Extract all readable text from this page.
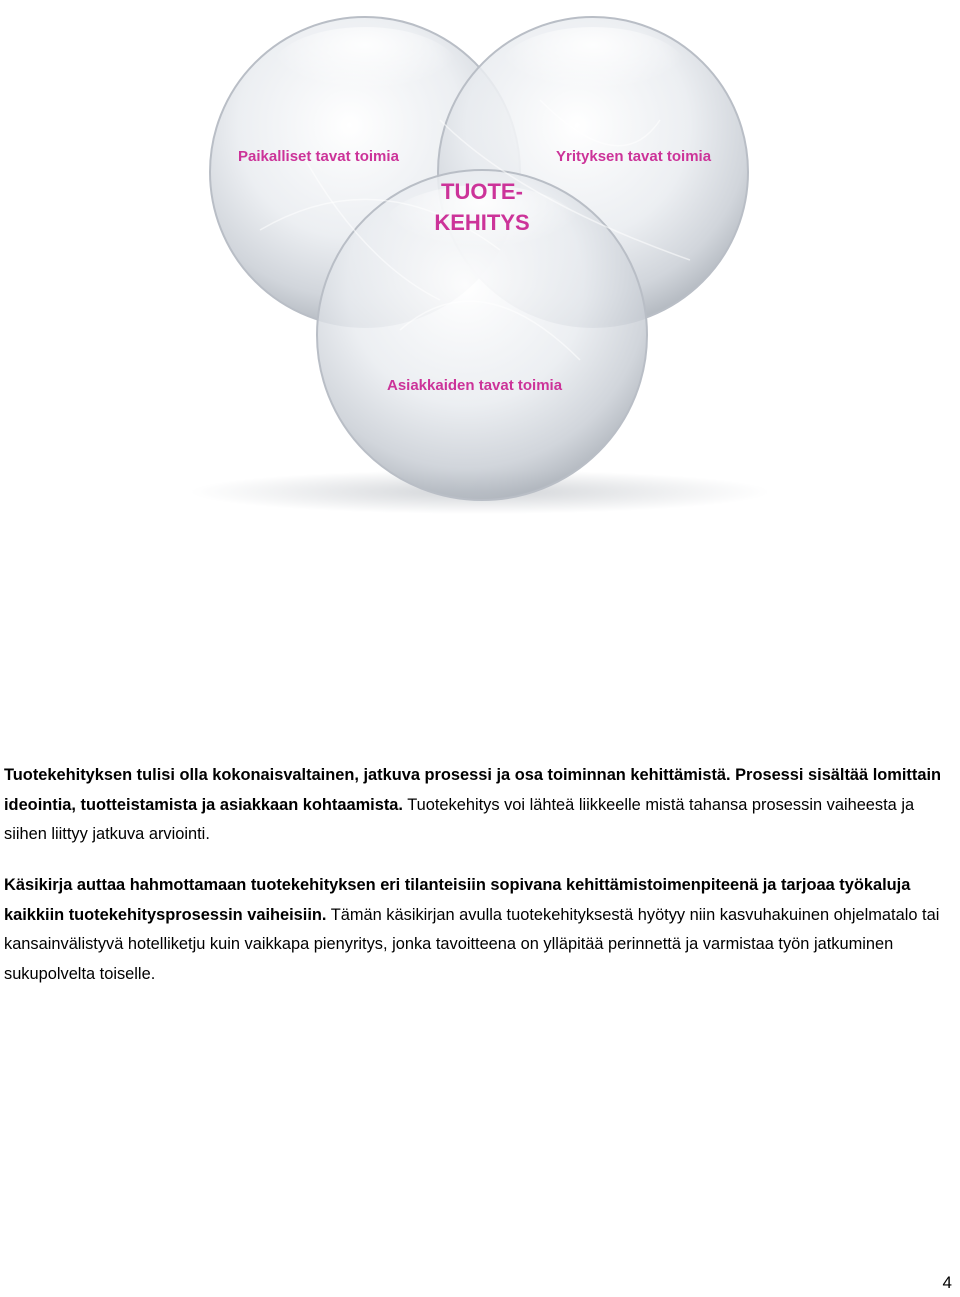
Paikalliset tavat toimia	Yrityksen tavat toimia
Asiakkaiden tavat toimia
TUOTE-
KEHITYS

Tuotekehityksen tulisi olla kokonaisvaltainen, jatkuva prosessi ja osa toiminnan kehittämistä. Prosessi sisältää lomittain ideointia, tuotteistamista ja asiakkaan kohtaamista. Tuotekehitys voi lähteä liikkeelle mistä tahansa prosessin vaiheesta ja siihen liittyy jatkuva arviointi.

Käsikirja auttaa hahmottamaan tuotekehityksen eri tilanteisiin sopivana kehittämistoimenpiteenä ja tarjoaa työkaluja kaikkiin tuotekehitysprosessin vaiheisiin. Tämän käsikirjan avulla tuotekehityksestä hyötyy niin kasvuhakuinen ohjelmatalo tai kansainvälistyvä hotelliketju kuin vaikkapa pienyritys, jonka tavoitteena on ylläpitää perinnettä ja varmistaa työn jatkuminen sukupolvelta toiselle.

4
